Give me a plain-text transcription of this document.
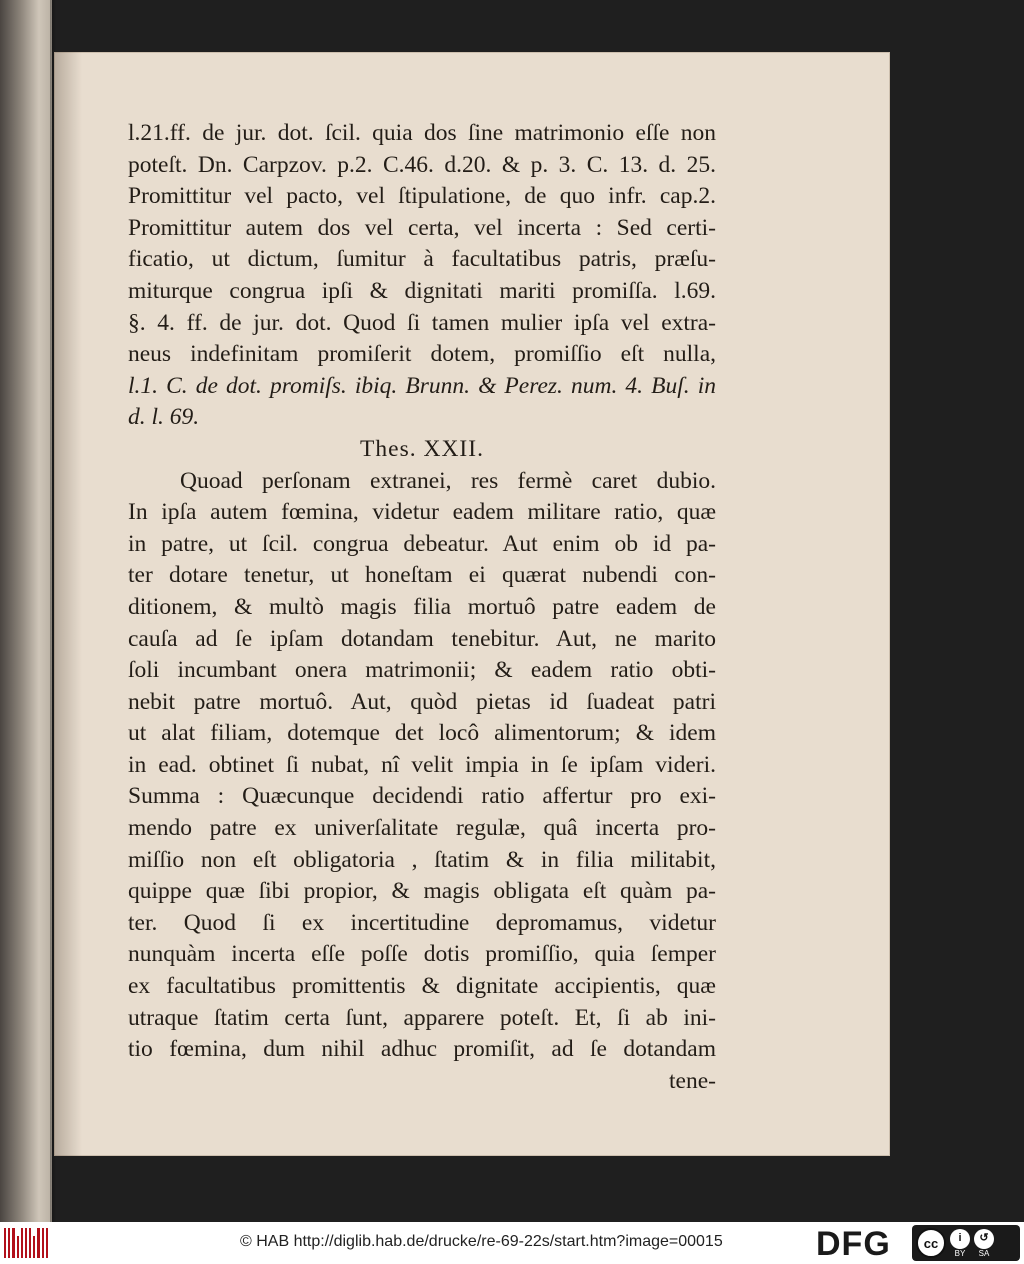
l.21.ff. de jur. dot. ſcil. quia dos ſine matrimonio eſſe non
poteſt. Dn. Carpzov. p.2. C.46. d.20. & p. 3. C. 13. d. 25.
Promittitur vel pacto, vel ſtipulatione, de quo infr. cap.2.
Promittitur autem dos vel certa, vel incerta : Sed certi-
ficatio, ut dictum, ſumitur à facultatibus patris, præſu-
miturque congrua ipſi & dignitati mariti promiſſa. l.69.
§. 4. ff. de jur. dot. Quod ſi tamen mulier ipſa vel extra-
neus indefinitam promiſerit dotem, promiſſio eſt nulla,
l.1. C. de dot. promiſs. ibiq. Brunn. & Perez. num. 4. Buſ. in
d. l. 69.
Thes. XXII.
Quoad perſonam extranei, res fermè caret dubio.
In ipſa autem fœmina, videtur eadem militare ratio, quæ
in patre, ut ſcil. congrua debeatur. Aut enim ob id pa-
ter dotare tenetur, ut honeſtam ei quærat nubendi con-
ditionem, & multò magis filia mortuô patre eadem de
cauſa ad ſe ipſam dotandam tenebitur. Aut, ne marito
ſoli incumbant onera matrimonii; & eadem ratio obti-
nebit patre mortuô. Aut, quòd pietas id ſuadeat patri
ut alat filiam, dotemque det locô alimentorum; & idem
in ead. obtinet ſi nubat, nî velit impia in ſe ipſam videri.
Summa : Quæcunque decidendi ratio affertur pro exi-
mendo patre ex univerſalitate regulæ, quâ incerta pro-
miſſio non eſt obligatoria , ſtatim & in filia militabit,
quippe quæ ſibi propior, & magis obligata eſt quàm pa-
ter. Quod ſi ex incertitudine depromamus, videtur
nunquàm incerta eſſe poſſe dotis promiſſio, quia ſemper
ex facultatibus promittentis & dignitate accipientis, quæ
utraque ſtatim certa ſunt, apparere poteſt. Et, ſi ab ini-
tio fœmina, dum nihil adhuc promiſit, ad ſe dotandam
tene-
© HAB http://diglib.hab.de/drucke/re-69-22s/start.htm?image=00015	DFG	cc	i
BY
↺
SA
